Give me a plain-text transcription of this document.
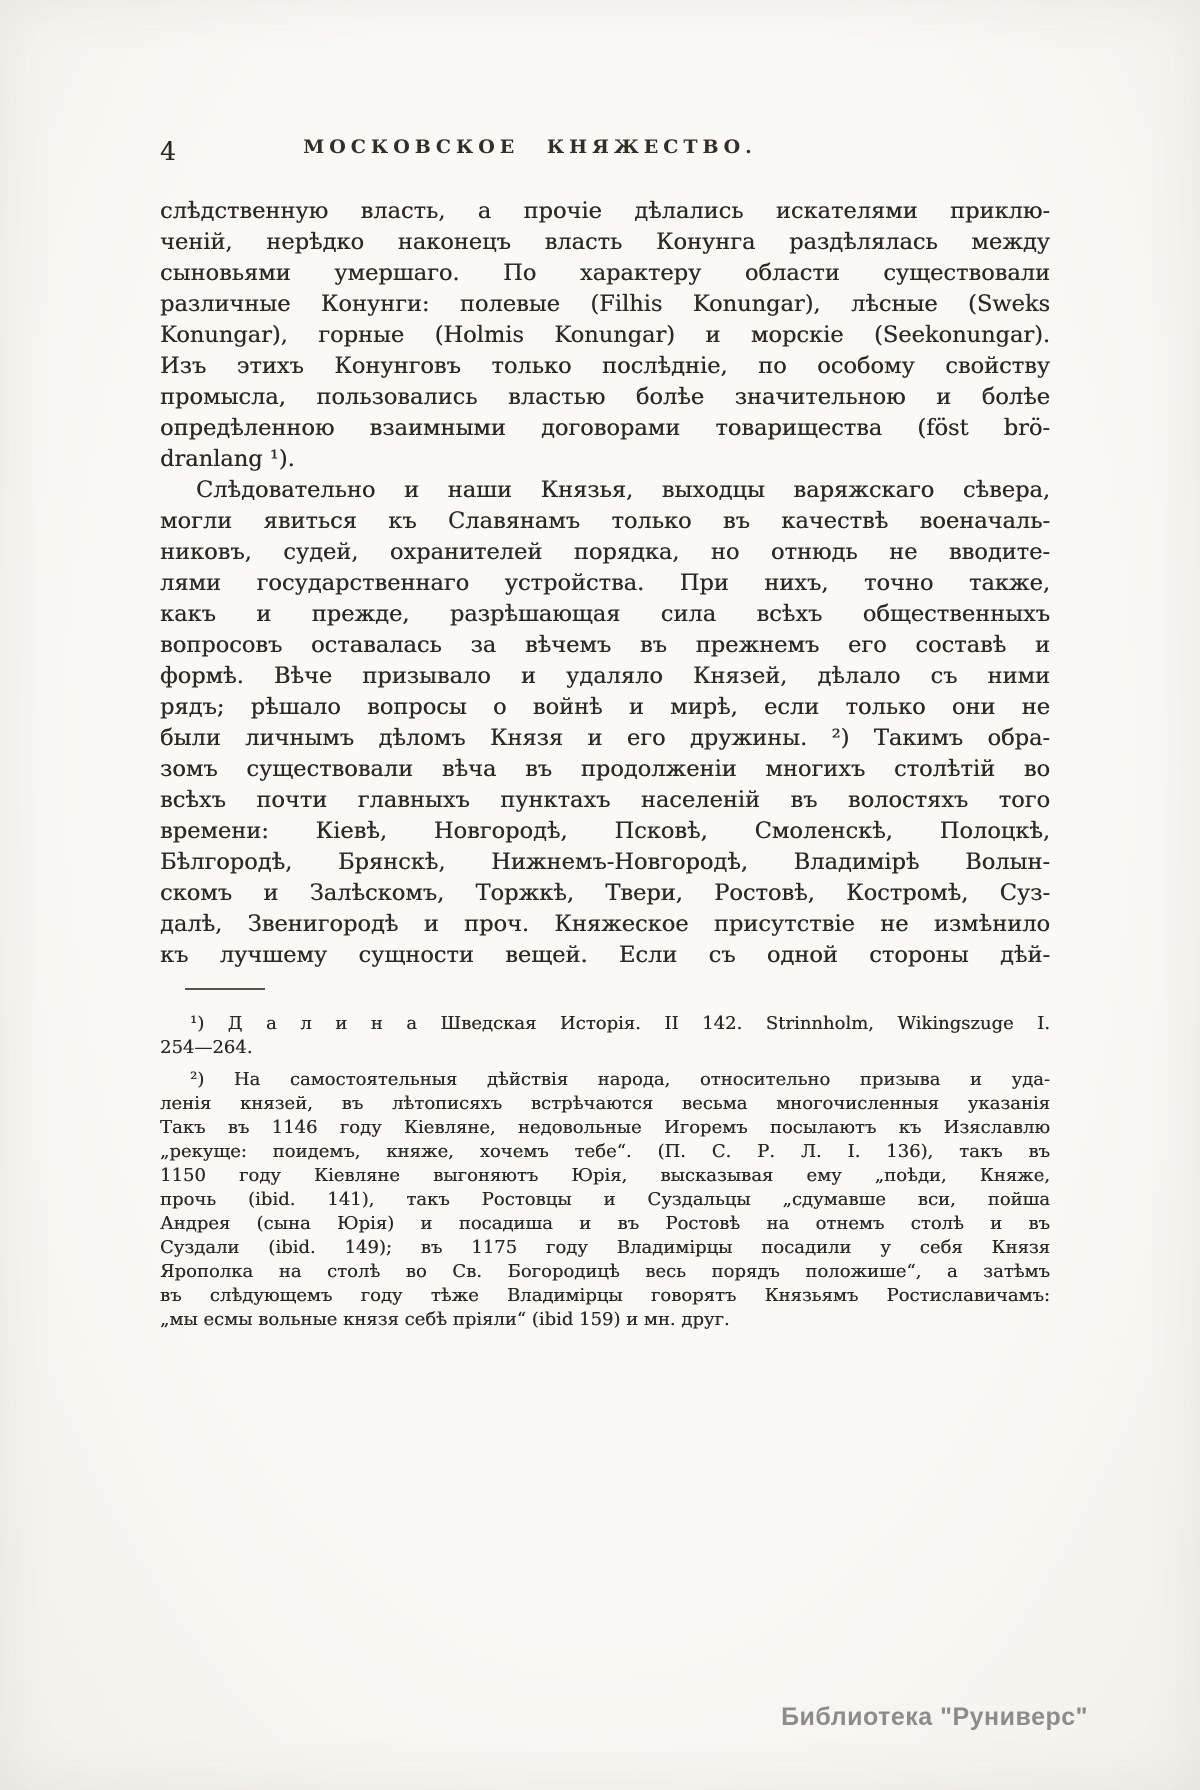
4	МОСКОВСКОЕ КНЯЖЕСТВО.
слѣдственную власть, а прочіе дѣлались искателями приклю-
ченій, нерѣдко наконецъ власть Конунга раздѣлялась между
сыновьями умершаго. По характеру области существовали
различные Конунги: полевые (Filhis Konungar), лѣсные (Sweks
Konungar), горные (Holmis Konungar) и морскіе (Seekonungar).
Изъ этихъ Конунговъ только послѣдніе, по особому свойству
промысла, пользовались властью болѣе значительною и болѣе
опредѣленною взаимными договорами товарищества (föst brö-
dranlang ¹).
Слѣдовательно и наши Князья, выходцы варяжскаго сѣвера,
могли явиться къ Славянамъ только въ качествѣ военачаль-
никовъ, судей, охранителей порядка, но отнюдь не вводите-
лями государственнаго устройства. При нихъ, точно также,
какъ и прежде, разрѣшающая сила всѣхъ общественныхъ
вопросовъ оставалась за вѣчемъ въ прежнемъ его составѣ и
формѣ. Вѣче призывало и удаляло Князей, дѣлало съ ними
рядъ; рѣшало вопросы о войнѣ и мирѣ, если только они не
были личнымъ дѣломъ Князя и его дружины. ²) Такимъ обра-
зомъ существовали вѣча въ продолженіи многихъ столѣтій во
всѣхъ почти главныхъ пунктахъ населеній въ волостяхъ того
времени: Кіевѣ, Новгородѣ, Псковѣ, Смоленскѣ, Полоцкѣ,
Бѣлгородѣ, Брянскѣ, Нижнемъ-Новгородѣ, Владимірѣ Волын-
скомъ и Залѣскомъ, Торжкѣ, Твери, Ростовѣ, Костромѣ, Суз-
далѣ, Звенигородѣ и проч. Княжеское присутствіе не измѣнило
къ лучшему сущности вещей. Если съ одной стороны дѣй-
¹) Д а л и н а Шведская Исторія. II 142. Strinnholm, Wikingszuge I.
254—264.
²) На самостоятельныя дѣйствія народа, относительно призыва и уда-
ленія князей, въ лѣтописяхъ встрѣчаются весьма многочисленныя указанія
Такъ въ 1146 году Кіевляне, недовольные Игоремъ посылаютъ къ Изяславлю
„рекуще: поидемъ, княже, хочемъ тебе“. (П. С. Р. Л. I. 136), такъ въ
1150 году Кіевляне выгоняютъ Юрія, высказывая ему „поѣди, Княже,
прочь (ibid. 141), такъ Ростовцы и Суздальцы „сдумавше вси, пойша
Андрея (сына Юрія) и посадиша и въ Ростовѣ на отнемъ столѣ и въ
Суздали (ibid. 149); въ 1175 году Владимірцы посадили у себя Князя
Ярополка на столѣ во Св. Богородицѣ весь порядъ положише“, а затѣмъ
въ слѣдующемъ году тѣже Владимірцы говорятъ Князьямъ Ростиславичамъ:
„мы есмы вольные князя себѣ пріяли“ (ibid 159) и мн. друг.
Библиотека "Руниверс"
